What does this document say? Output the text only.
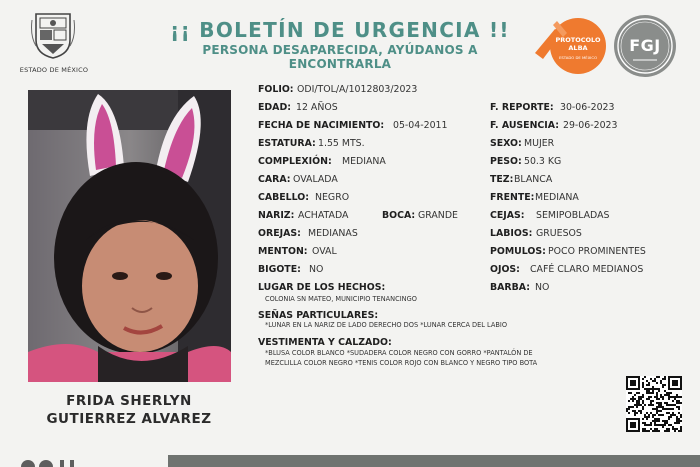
ESTADO DE MÉXICO
¡¡ BOLETÍN DE URGENCIA !!
PERSONA DESAPARECIDA, AYÚDANOS A ENCONTRARLA
PROTOCOLO ALBA
ESTADO DE MÉXICO
FGJ
FRIDA SHERLYN
GUTIERREZ ALVAREZ
FOLIO: ODI/TOL/A/1012803/2023
EDAD: 12 AÑOS
FECHA DE NACIMIENTO: 05-04-2011
ESTATURA: 1.55 MTS.
COMPLEXIÓN: MEDIANA
CARA: OVALADA
CABELLO: NEGRO
NARIZ: ACHATADA	BOCA: GRANDE
OREJAS: MEDIANAS
MENTON: OVAL
BIGOTE: NO
LUGAR DE LOS HECHOS:
COLONIA SN MATEO, MUNICIPIO TENANCINGO
SEÑAS PARTICULARES:
*LUNAR EN LA NARIZ DE LADO DERECHO DOS *LUNAR CERCA DEL LABIO
VESTIMENTA Y CALZADO:
*BLUSA COLOR BLANCO *SUDADERA COLOR NEGRO CON GORRO *PANTALÓN DE
MEZCLILLA COLOR NEGRO *TENIS COLOR ROJO CON BLANCO Y NEGRO TIPO BOTA
F. REPORTE: 30-06-2023
F. AUSENCIA: 29-06-2023
SEXO: MUJER
PESO: 50.3 KG
TEZ: BLANCA
FRENTE: MEDIANA
CEJAS: SEMIPOBLADAS
LABIOS: GRUESOS
POMULOS: POCO PROMINENTES
OJOS: CAFÉ CLARO MEDIANOS
BARBA: NO
